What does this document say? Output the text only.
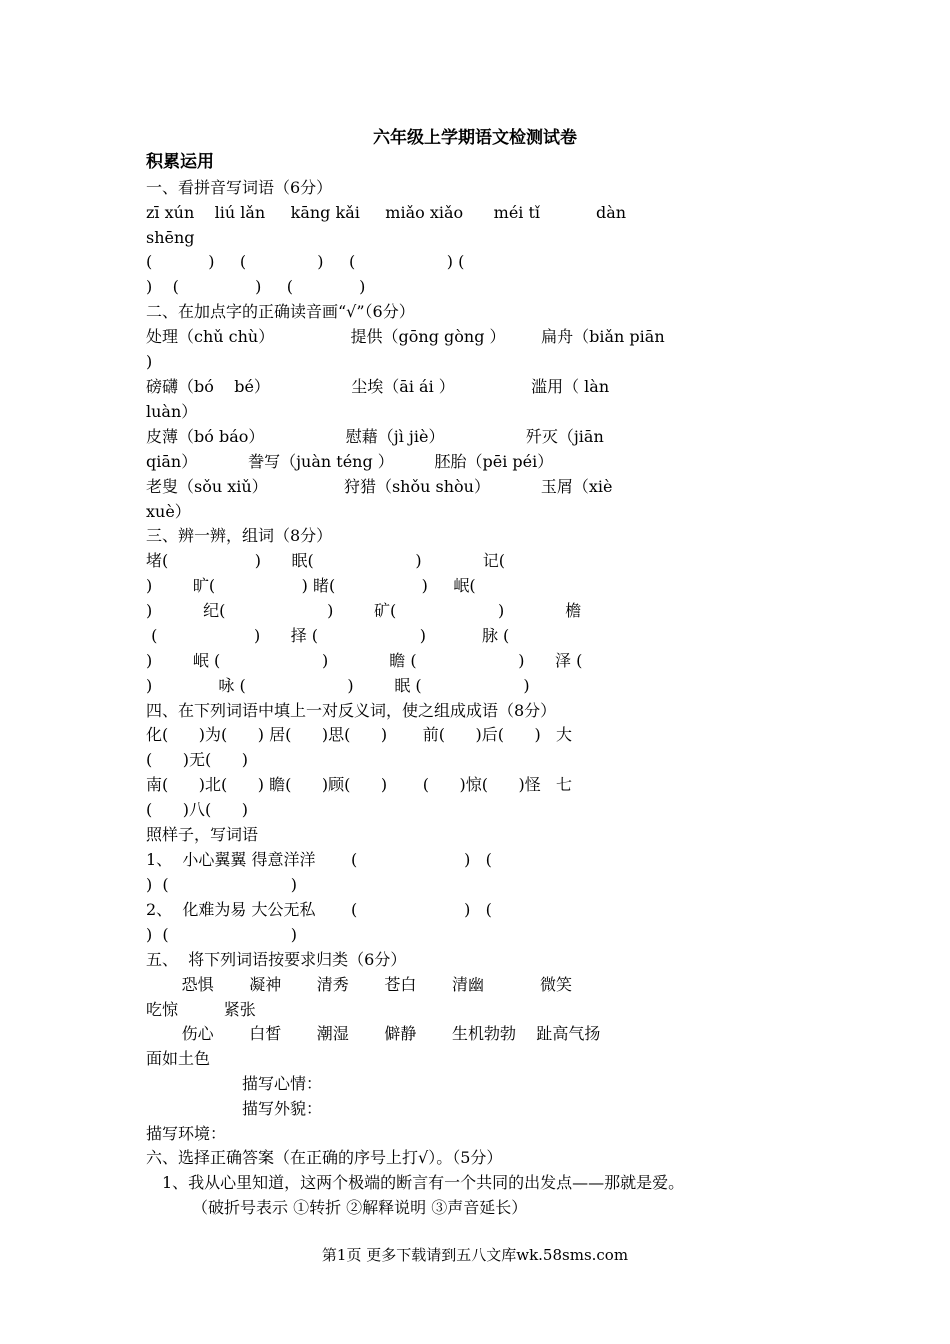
六年级上学期语文检测试卷
积累运用
一、看拼音写词语（6分）
zī xún    liú lǎn     kāng kǎi     miǎo xiǎo      méi tǐ           dàn
shēng
(           )     (              )     (                  ) (
)    (               )     (             )
二、在加点字的正确读音画“√”（6分）
处理（chǔ chù）               提供（gōng gòng ）       扁舟（biǎn piān
)
磅礴（bó    bé）                尘埃（āi ái ）               滥用（ làn
luàn）
皮薄（bó báo）                慰藉（jì jiè）                歼灭（jiān
qiān）          誊写（juàn téng ）        胚胎（pēi péi）
老叟（sǒu xiǔ）               狩猎（shǒu shòu）          玉屑（xiè
xuè）
三、辨一辨，组词（8分）
堵(                 )      眠(                    )            记(
)        旷(                 ) 睹(                 )     岷(
)          纪(                    )        矿(                    )            檐
(                   )      择 (                    )           脉 (
)        岷 (                    )            瞻 (                    )      泽 (
)             咏 (                    )        眠 (                    )
四、在下列词语中填上一对反义词，使之组成成语（8分）
化(      )为(      ) 居(      )思(      )       前(      )后(      )   大
(      )无(      )
南(      )北(      ) 瞻(      )顾(      )       (      )惊(      )怪   七
(      )八(      )
照样子，写词语
1、  小心翼翼 得意洋洋       (                     )   (
)  (                        )
2、  化难为易 大公无私       (                     )   (
)  (                        )
五、  将下列词语按要求归类（6分）
恐惧       凝神       清秀       苍白       清幽           微笑
吃惊         紧张
伤心       白皙       潮湿       僻静       生机勃勃    趾高气扬
面如土色
描写心情：
描写外貌：
描写环境：
六、选择正确答案（在正确的序号上打√）。（5分）
1、我从心里知道，这两个极端的断言有一个共同的出发点——那就是爱。
（破折号表示 ①转折 ②解释说明 ③声音延长）
第1页 更多下载请到五八文库wk.58sms.com
